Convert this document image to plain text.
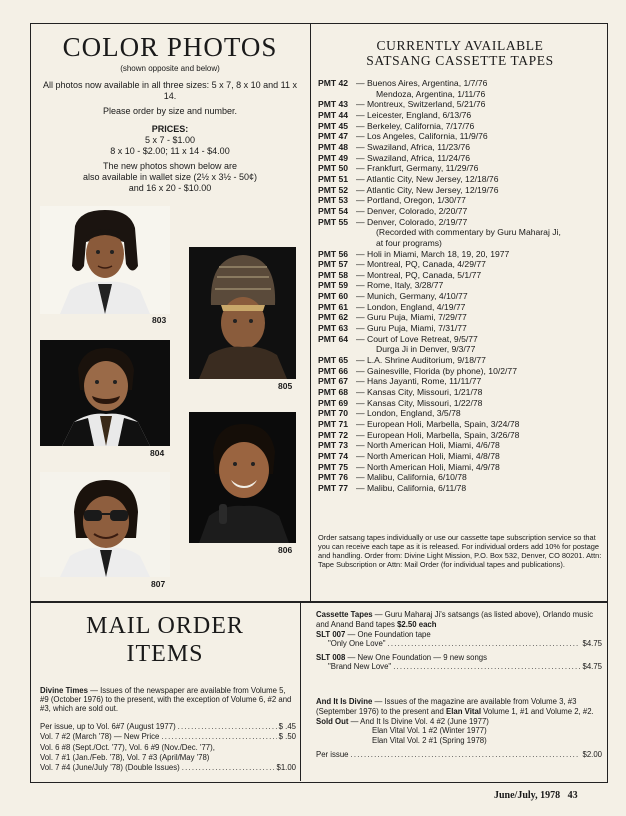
COLOR PHOTOS
(shown opposite and below)
All photos now available in all three sizes: 5 x 7, 8 x 10 and 11 x 14.
Please order by size and number.
PRICES:
5 x 7 - $1.00
8 x 10 - $2.00; 11 x 14 - $4.00
The new photos shown below are
also available in wallet size (2½ x 3½ - 50¢)
and 16 x 20 - $10.00
803
804
805
806
807
CURRENTLY AVAILABLE
SATSANG CASSETTE TAPES
PMT 42 — Buenos Aires, Argentina, 1/7/76
Mendoza, Argentina, 1/11/76
PMT 43 — Montreux, Switzerland, 5/21/76
PMT 44 — Leicester, England, 6/13/76
PMT 45 — Berkeley, California, 7/17/76
PMT 47 — Los Angeles, California, 11/9/76
PMT 48 — Swaziland, Africa, 11/23/76
PMT 49 — Swaziland, Africa, 11/24/76
PMT 50 — Frankfurt, Germany, 11/29/76
PMT 51 — Atlantic City, New Jersey, 12/18/76
PMT 52 — Atlantic City, New Jersey, 12/19/76
PMT 53 — Portland, Oregon, 1/30/77
PMT 54 — Denver, Colorado, 2/20/77
PMT 55 — Denver, Colorado, 2/19/77
(Recorded with commentary by Guru Maharaj Ji,
at four programs)
PMT 56 — Holi in Miami, March 18, 19, 20, 1977
PMT 57 — Montreal, PQ, Canada, 4/29/77
PMT 58 — Montreal, PQ, Canada, 5/1/77
PMT 59 — Rome, Italy, 3/28/77
PMT 60 — Munich, Germany, 4/10/77
PMT 61 — London, England, 4/19/77
PMT 62 — Guru Puja, Miami, 7/29/77
PMT 63 — Guru Puja, Miami, 7/31/77
PMT 64 — Court of Love Retreat, 9/5/77
Durga Ji in Denver, 9/3/77
PMT 65 — L.A. Shrine Auditorium, 9/18/77
PMT 66 — Gainesville, Florida (by phone), 10/2/77
PMT 67 — Hans Jayanti, Rome, 11/11/77
PMT 68 — Kansas City, Missouri, 1/21/78
PMT 69 — Kansas City, Missouri, 1/22/78
PMT 70 — London, England, 3/5/78
PMT 71 — European Holi, Marbella, Spain, 3/24/78
PMT 72 — European Holi, Marbella, Spain, 3/26/78
PMT 73 — North American Holi, Miami, 4/6/78
PMT 74 — North American Holi, Miami, 4/8/78
PMT 75 — North American Holi, Miami, 4/9/78
PMT 76 — Malibu, California, 6/10/78
PMT 77 — Malibu, California, 6/11/78
Order satsang tapes individually or use our cassette tape subscription service so that you can receive each tape as it is released. For individual orders add 10% for postage and handling. Order from: Divine Light Mission, P.O. Box 532, Denver, CO 80201. Attn: Tape Subscription or Attn: Mail Order (for individual tapes and publications).
MAIL ORDER
ITEMS
Divine Times — Issues of the newspaper are available from Volume 5, #9 (October 1976) to the present, with the exception of Volume 6, #2 and #3, which are sold out.
Per issue, up to Vol. 6#7 (August 1977) .....	$ .45
Vol. 7 #2 (March '78) — New Price .....	$ .50
Vol. 6 #8 (Sept./Oct. '77), Vol. 6 #9 (Nov./Dec. '77),
Vol. 7 #1 (Jan./Feb. '78), Vol. 7 #3 (April/May '78)
Vol. 7 #4 (June/July '78) (Double Issues) .....	$1.00
Cassette Tapes — Guru Maharaj Ji's satsangs (as listed above), Orlando music and Anand Band tapes $2.50 each
SLT 007 — One Foundation tape
"Only One Love" .....	$4.75
SLT 008 — New One Foundation — 9 new songs
"Brand New Love" .....	$4.75
And It Is Divine — Issues of the magazine are available from Volume 3, #3 (September 1976) to the present and Elan Vital Volume 1, #1 and Volume 2, #2.
Sold Out — And It Is Divine Vol. 4 #2 (June 1977)
Elan Vital Vol. 1 #2 (Winter 1977)
Elan Vital Vol. 2 #1 (Spring 1978)
Per issue .....	$2.00
June/July, 1978 43
